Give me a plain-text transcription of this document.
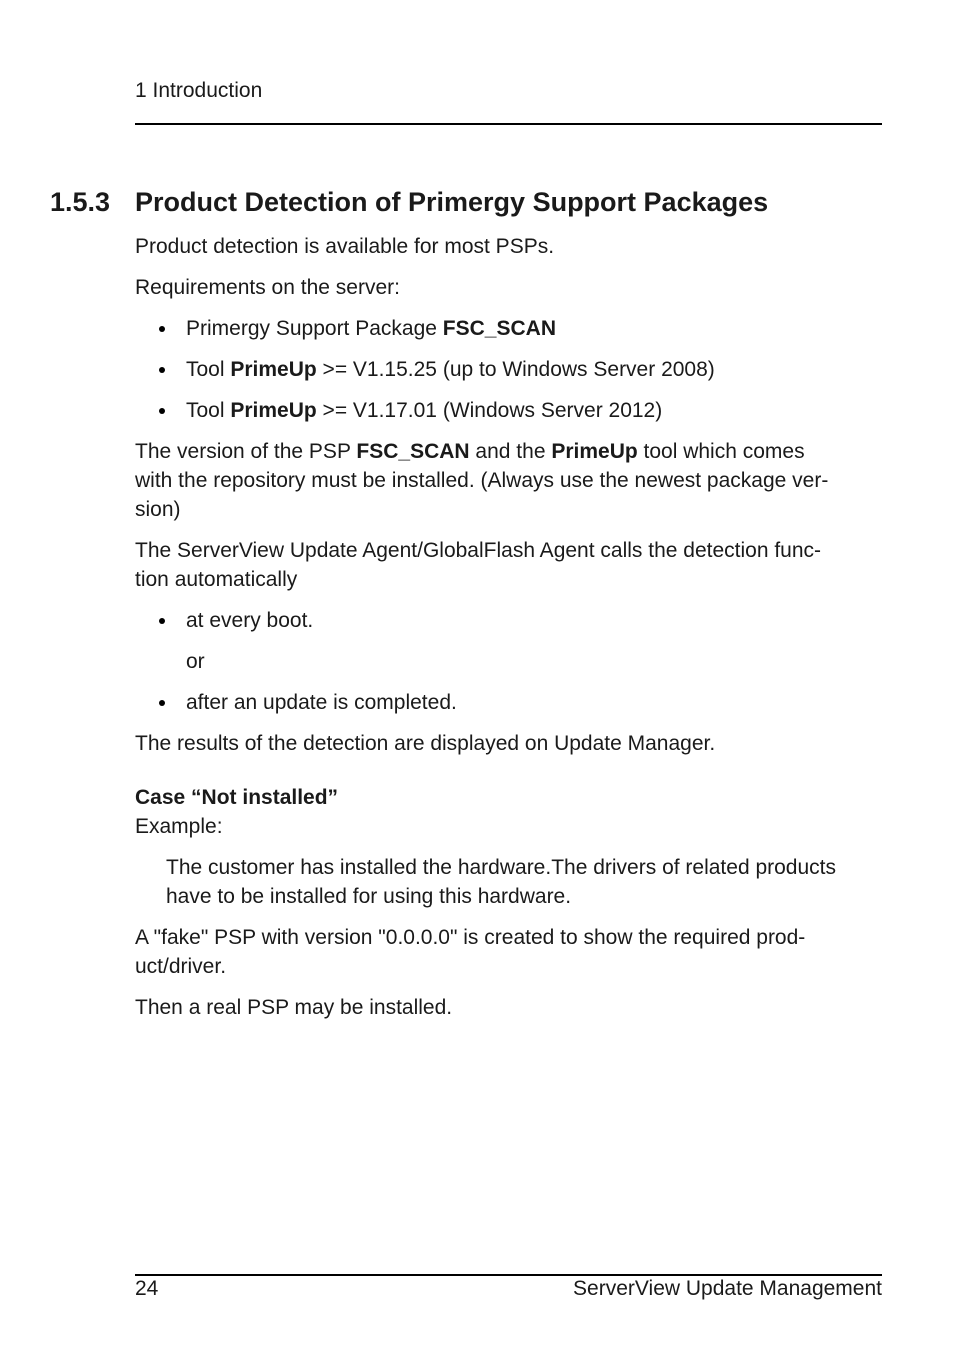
1 Introduction
1.5.3 Product Detection of Primergy Support Packages

Product detection is available for most PSPs.

Requirements on the server:

Primergy Support Package FSC_SCAN
Tool PrimeUp >= V1.15.25 (up to Windows Server 2008)
Tool PrimeUp >= V1.17.01 (Windows Server 2012)
The version of the PSP FSC_SCAN and the PrimeUp tool which comes
with the repository must be installed. (Always use the newest package ver-
sion)
The ServerView Update Agent/GlobalFlash Agent calls the detection func-
tion automatically
at every boot.
or
after an update is completed.

The results of the detection are displayed on Update Manager.

Case “Not installed”

Example:

The customer has installed the hardware.The drivers of related products
have to be installed for using this hardware.
A "fake" PSP with version "0.0.0.0" is created to show the required prod-
uct/driver.

Then a real PSP may be installed.

24	ServerView Update Management
